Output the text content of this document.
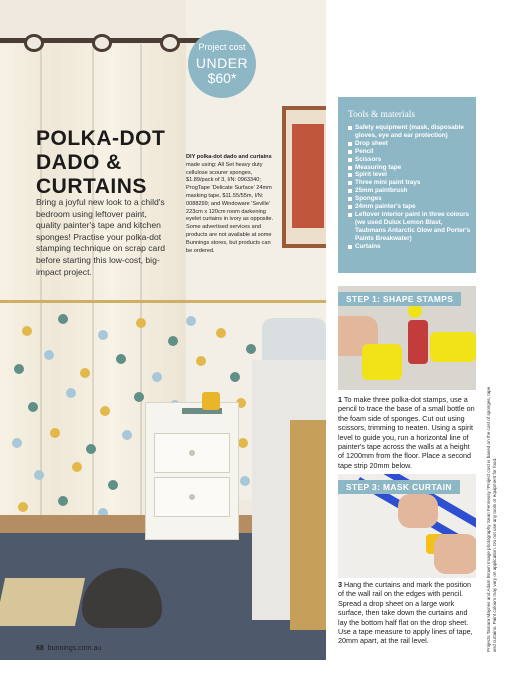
Project cost
UNDER
$60*
POLKA-DOT
DADO &
CURTAINS
Bring a joyful new look to a child's bedroom using leftover paint, quality painter's tape and kitchen sponges! Practise your polka-dot stamping technique on scrap card before starting this low-cost, big-impact project.
DIY polka-dot dado and curtains made using: All Set heavy duty cellulose scourer sponges, $1.89/pack of 3, I/N: 0963340; ProgTape 'Delicate Surface' 24mm masking tape, $11.55/55m, I/N: 0088299; and Windoware 'Seville' 223cm x 120cm room darkening eyelet curtains in ivory as opposite. Some advertised services and products are not available at some Bunnings stores, but products can be ordered.
Tools & materials
Safety equipment (mask, disposable gloves, eye and ear protection)
Drop sheet
Pencil
Scissors
Measuring tape
Spirit level
Three mini paint trays
25mm paintbrush
Sponges
24mm painter's tape
Leftover interior paint in three colours (we used Dulux Lemon Blast, Taubmans Antarctic Glow and Porter's Paints Breakwater)
Curtains
STEP 1: SHAPE STAMPS
1 To make three polka-dot stamps, use a pencil to trace the base of a small bottle on the foam side of sponges. Cut out using scissors, trimming to neaten. Using a spirit level to guide you, run a horizontal line of painter's tape across the walls at a height of 1200mm from the floor. Place a second tape strip 20mm below.
STEP 3: MASK CURTAIN
3 Hang the curtains and mark the position of the wall rail on the edges with pencil. Spread a drop sheet on a large work surface, then take down the curtains and lay the bottom half flat on the drop sheet. Use a tape measure to apply lines of tape, 20mm apart, at the rail level.	Projects Tamara Maynes and Adam Brown Image photography Sean Fennessy *Project cost is based on the cost of sponges, tape and curtains. Paint colours may vary on application. Do not use any tools or equipment for food.
68 bunnings.com.au
